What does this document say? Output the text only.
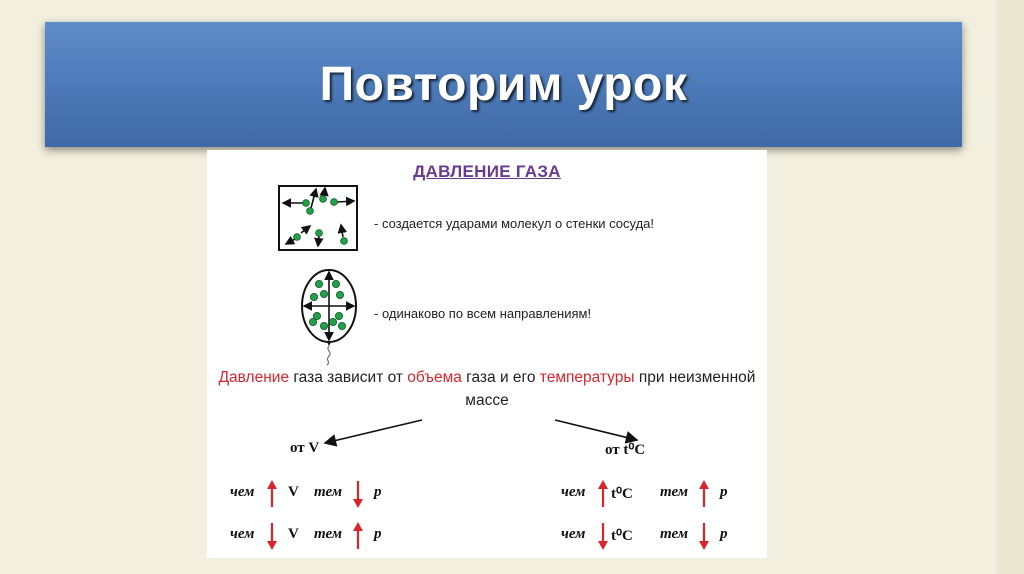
Повторим урок
ДАВЛЕНИЕ ГАЗА
- создается ударами молекул о стенки сосуда!
- одинаково по всем направлениям!
Давление газа зависит от объема газа и его температуры при неизменной
массе
от V	от t⁰C
чем V тем p
чем V тем p
чем t⁰C тем p
чем t⁰C тем p
